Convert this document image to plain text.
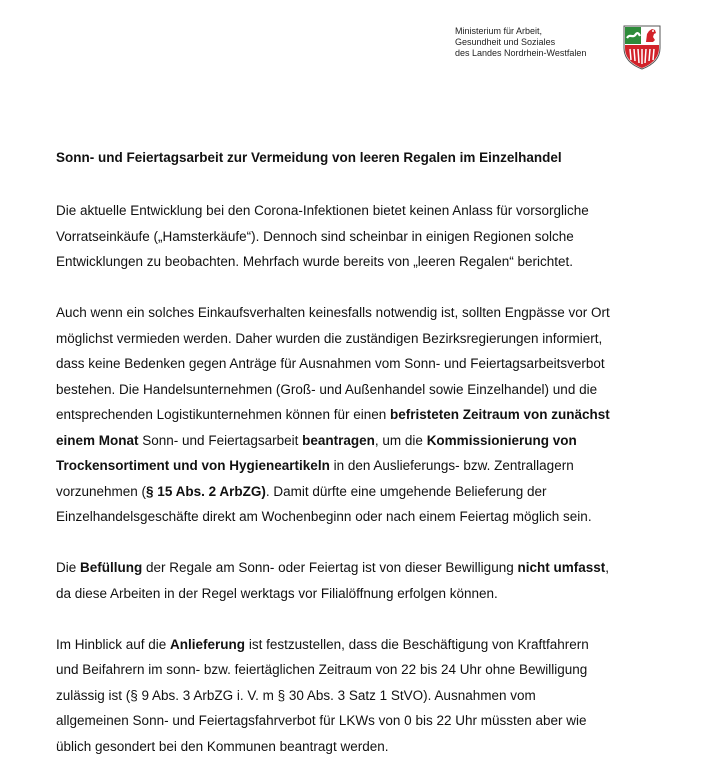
Ministerium für Arbeit,
Gesundheit und Soziales
des Landes Nordrhein-Westfalen
Sonn- und Feiertagsarbeit zur Vermeidung von leeren Regalen im Einzelhandel

Die aktuelle Entwicklung bei den Corona-Infektionen bietet keinen Anlass für vorsorgliche
Vorratseinkäufe („Hamsterkäufe“). Dennoch sind scheinbar in einigen Regionen solche
Entwicklungen zu beobachten. Mehrfach wurde bereits von „leeren Regalen“ berichtet.

Auch wenn ein solches Einkaufsverhalten keinesfalls notwendig ist, sollten Engpässe vor Ort
möglichst vermieden werden. Daher wurden die zuständigen Bezirksregierungen informiert,
dass keine Bedenken gegen Anträge für Ausnahmen vom Sonn- und Feiertagsarbeitsverbot
bestehen. Die Handelsunternehmen (Groß- und Außenhandel sowie Einzelhandel) und die
entsprechenden Logistikunternehmen können für einen befristeten Zeitraum von zunächst
einem Monat Sonn- und Feiertagsarbeit beantragen, um die Kommissionierung von
Trockensortiment und von Hygieneartikeln in den Auslieferungs- bzw. Zentrallagern
vorzunehmen (§ 15 Abs. 2 ArbZG). Damit dürfte eine umgehende Belieferung der
Einzelhandelsgeschäfte direkt am Wochenbeginn oder nach einem Feiertag möglich sein.

Die Befüllung der Regale am Sonn- oder Feiertag ist von dieser Bewilligung nicht umfasst,
da diese Arbeiten in der Regel werktags vor Filialöffnung erfolgen können.

Im Hinblick auf die Anlieferung ist festzustellen, dass die Beschäftigung von Kraftfahrern
und Beifahrern im sonn- bzw. feiertäglichen Zeitraum von 22 bis 24 Uhr ohne Bewilligung
zulässig ist (§ 9 Abs. 3 ArbZG i. V. m § 30 Abs. 3 Satz 1 StVO). Ausnahmen vom
allgemeinen Sonn- und Feiertagsfahrverbot für LKWs von 0 bis 22 Uhr müssten aber wie
üblich gesondert bei den Kommunen beantragt werden.
